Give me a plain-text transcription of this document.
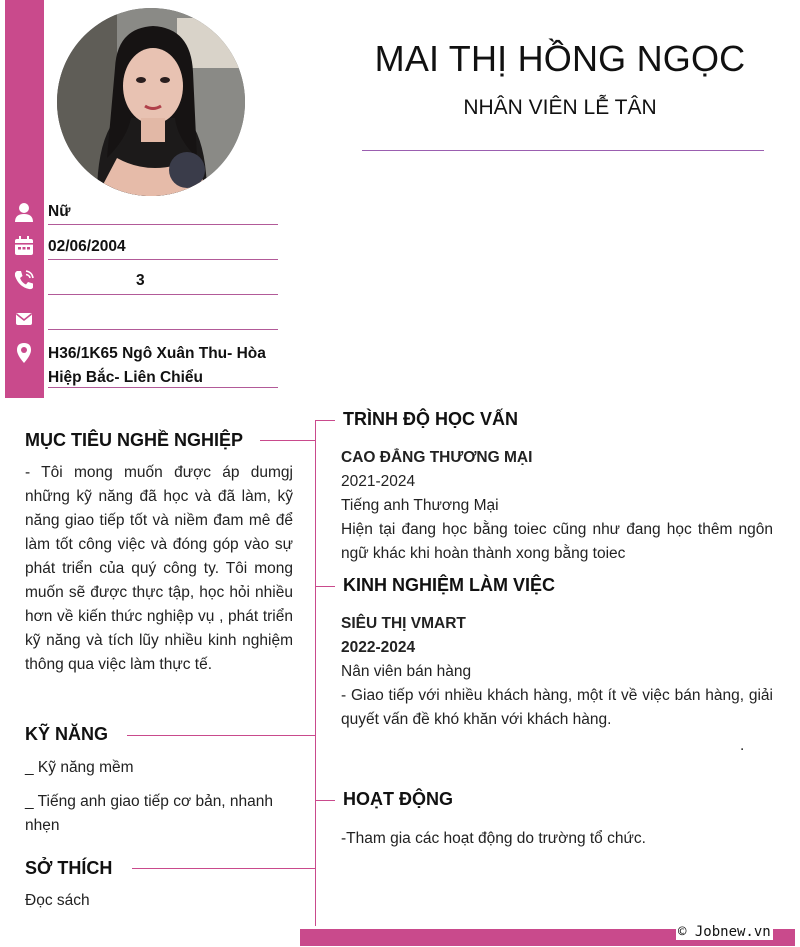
MAI THỊ HỒNG NGỌC
NHÂN VIÊN LỄ TÂN
Nữ
02/06/2004
3
H36/1K65 Ngô Xuân Thu- Hòa Hiệp Bắc- Liên Chiểu
MỤC TIÊU NGHỀ NGHIỆP
- Tôi mong muốn được áp dumgj những kỹ năng đã học và đã làm, kỹ năng giao tiếp tốt và niềm đam mê để làm tốt công việc và đóng góp vào sự phát triển của quý công ty. Tôi mong muốn sẽ được thực tập, học hỏi nhiều hơn về kiến thức nghiệp vụ , phát triển kỹ năng và tích lũy nhiều kinh nghiệm thông qua việc làm thực tế.
KỸ NĂNG
_ Kỹ năng mềm
_ Tiếng anh giao tiếp cơ bản, nhanh nhẹn
SỞ THÍCH
Đọc sách
TRÌNH ĐỘ HỌC VẤN
CAO ĐẲNG THƯƠNG MẠI
2021-2024
Tiếng anh Thương Mại
Hiện tại đang học bằng toiec cũng như đang học thêm ngôn ngữ khác khi hoàn thành xong bằng toiec
KINH NGHIỆM LÀM VIỆC
SIÊU THỊ VMART
2022-2024
Nân viên bán hàng
- Giao tiếp với nhiều khách hàng, một ít về việc bán hàng, giải quyết vấn đề khó khăn với khách hàng.
.
HOẠT ĐỘNG
-Tham gia các hoạt động do trường tổ chức.
© Jobnew.vn
